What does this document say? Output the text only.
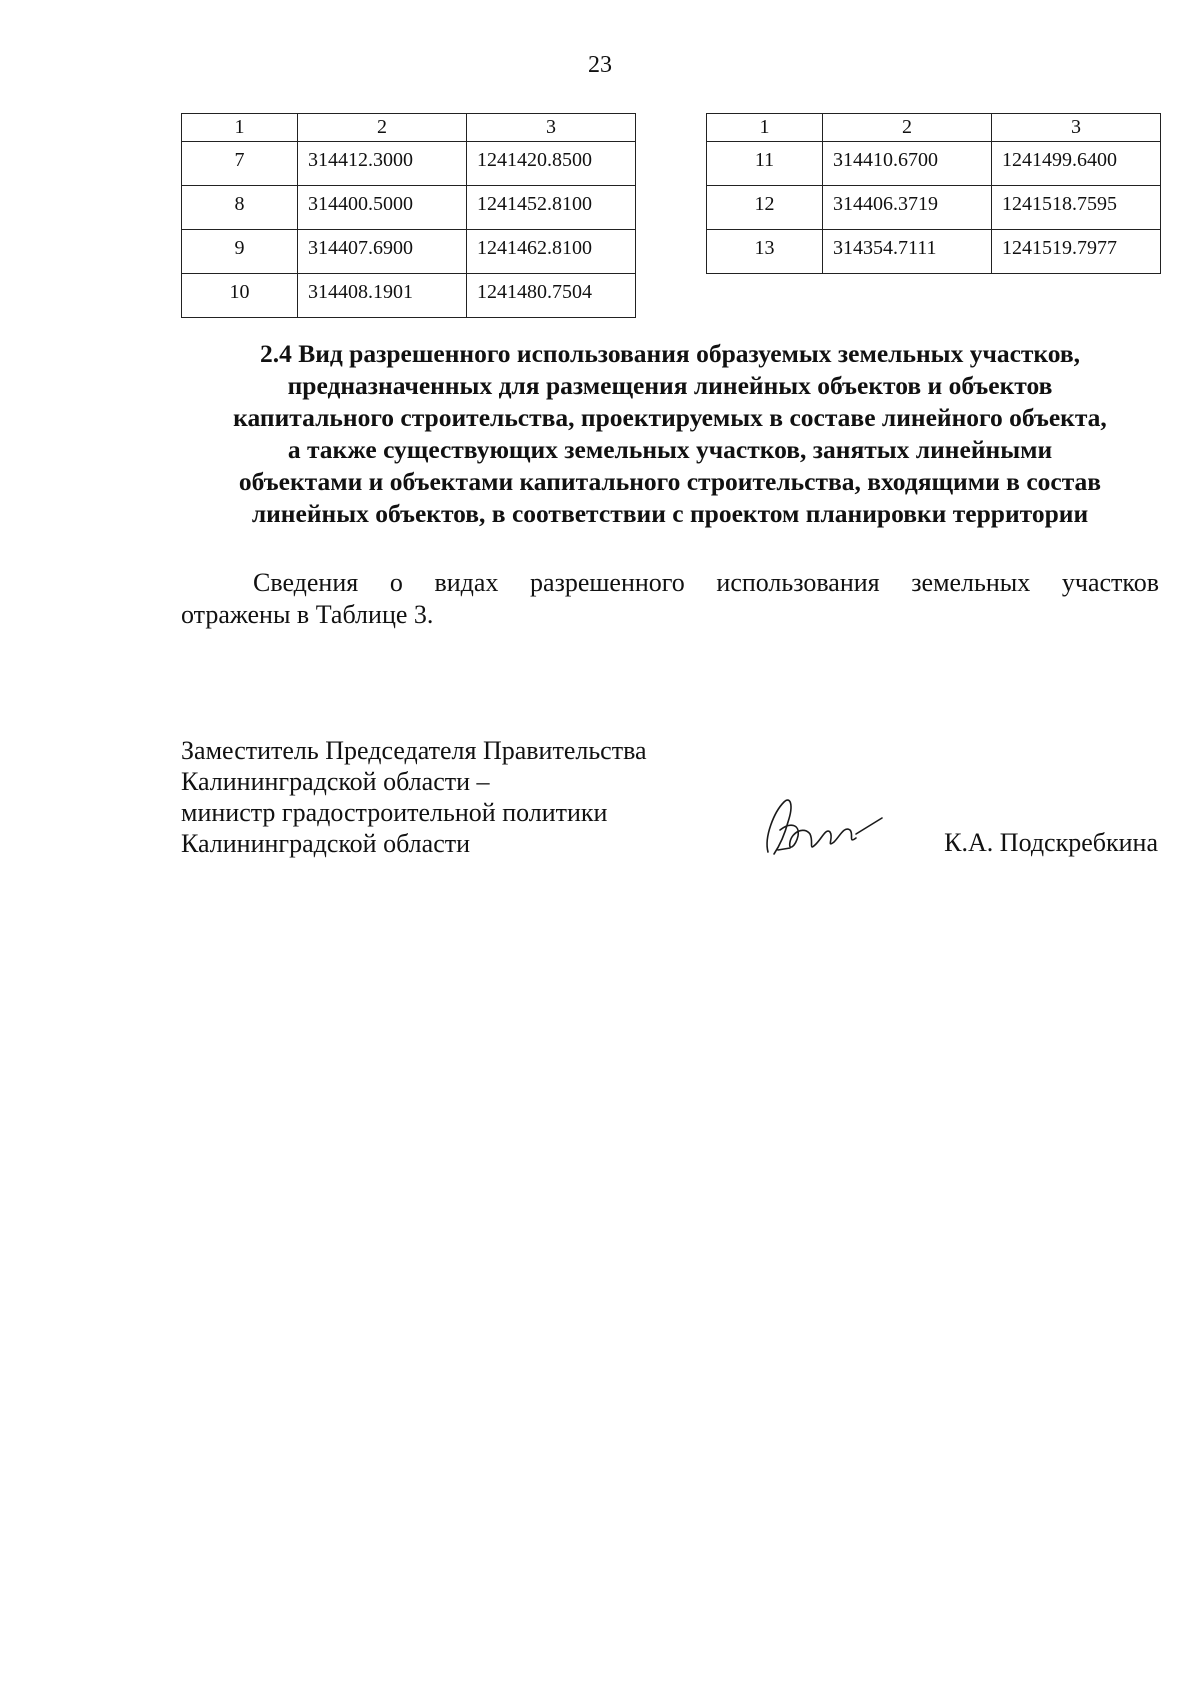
23
1	2	3
7	314412.3000	1241420.8500
8	314400.5000	1241452.8100
9	314407.6900	1241462.8100
10	314408.1901	1241480.7504
1	2	3
11	314410.6700	1241499.6400
12	314406.3719	1241518.7595
13	314354.7111	1241519.7977
2.4 Вид разрешенного использования образуемых земельных участков,
предназначенных для размещения линейных объектов и объектов
капитального строительства, проектируемых в составе линейного объекта,
а также существующих земельных участков, занятых линейными
объектами и объектами капитального строительства, входящими в состав
линейных объектов, в соответствии с проектом планировки территории
Сведения о видах разрешенного использования земельных участков
отражены в Таблице 3.
Заместитель Председателя Правительства
Калининградской области –
министр градостроительной политики
Калининградской области	К.А. Подскребкина
